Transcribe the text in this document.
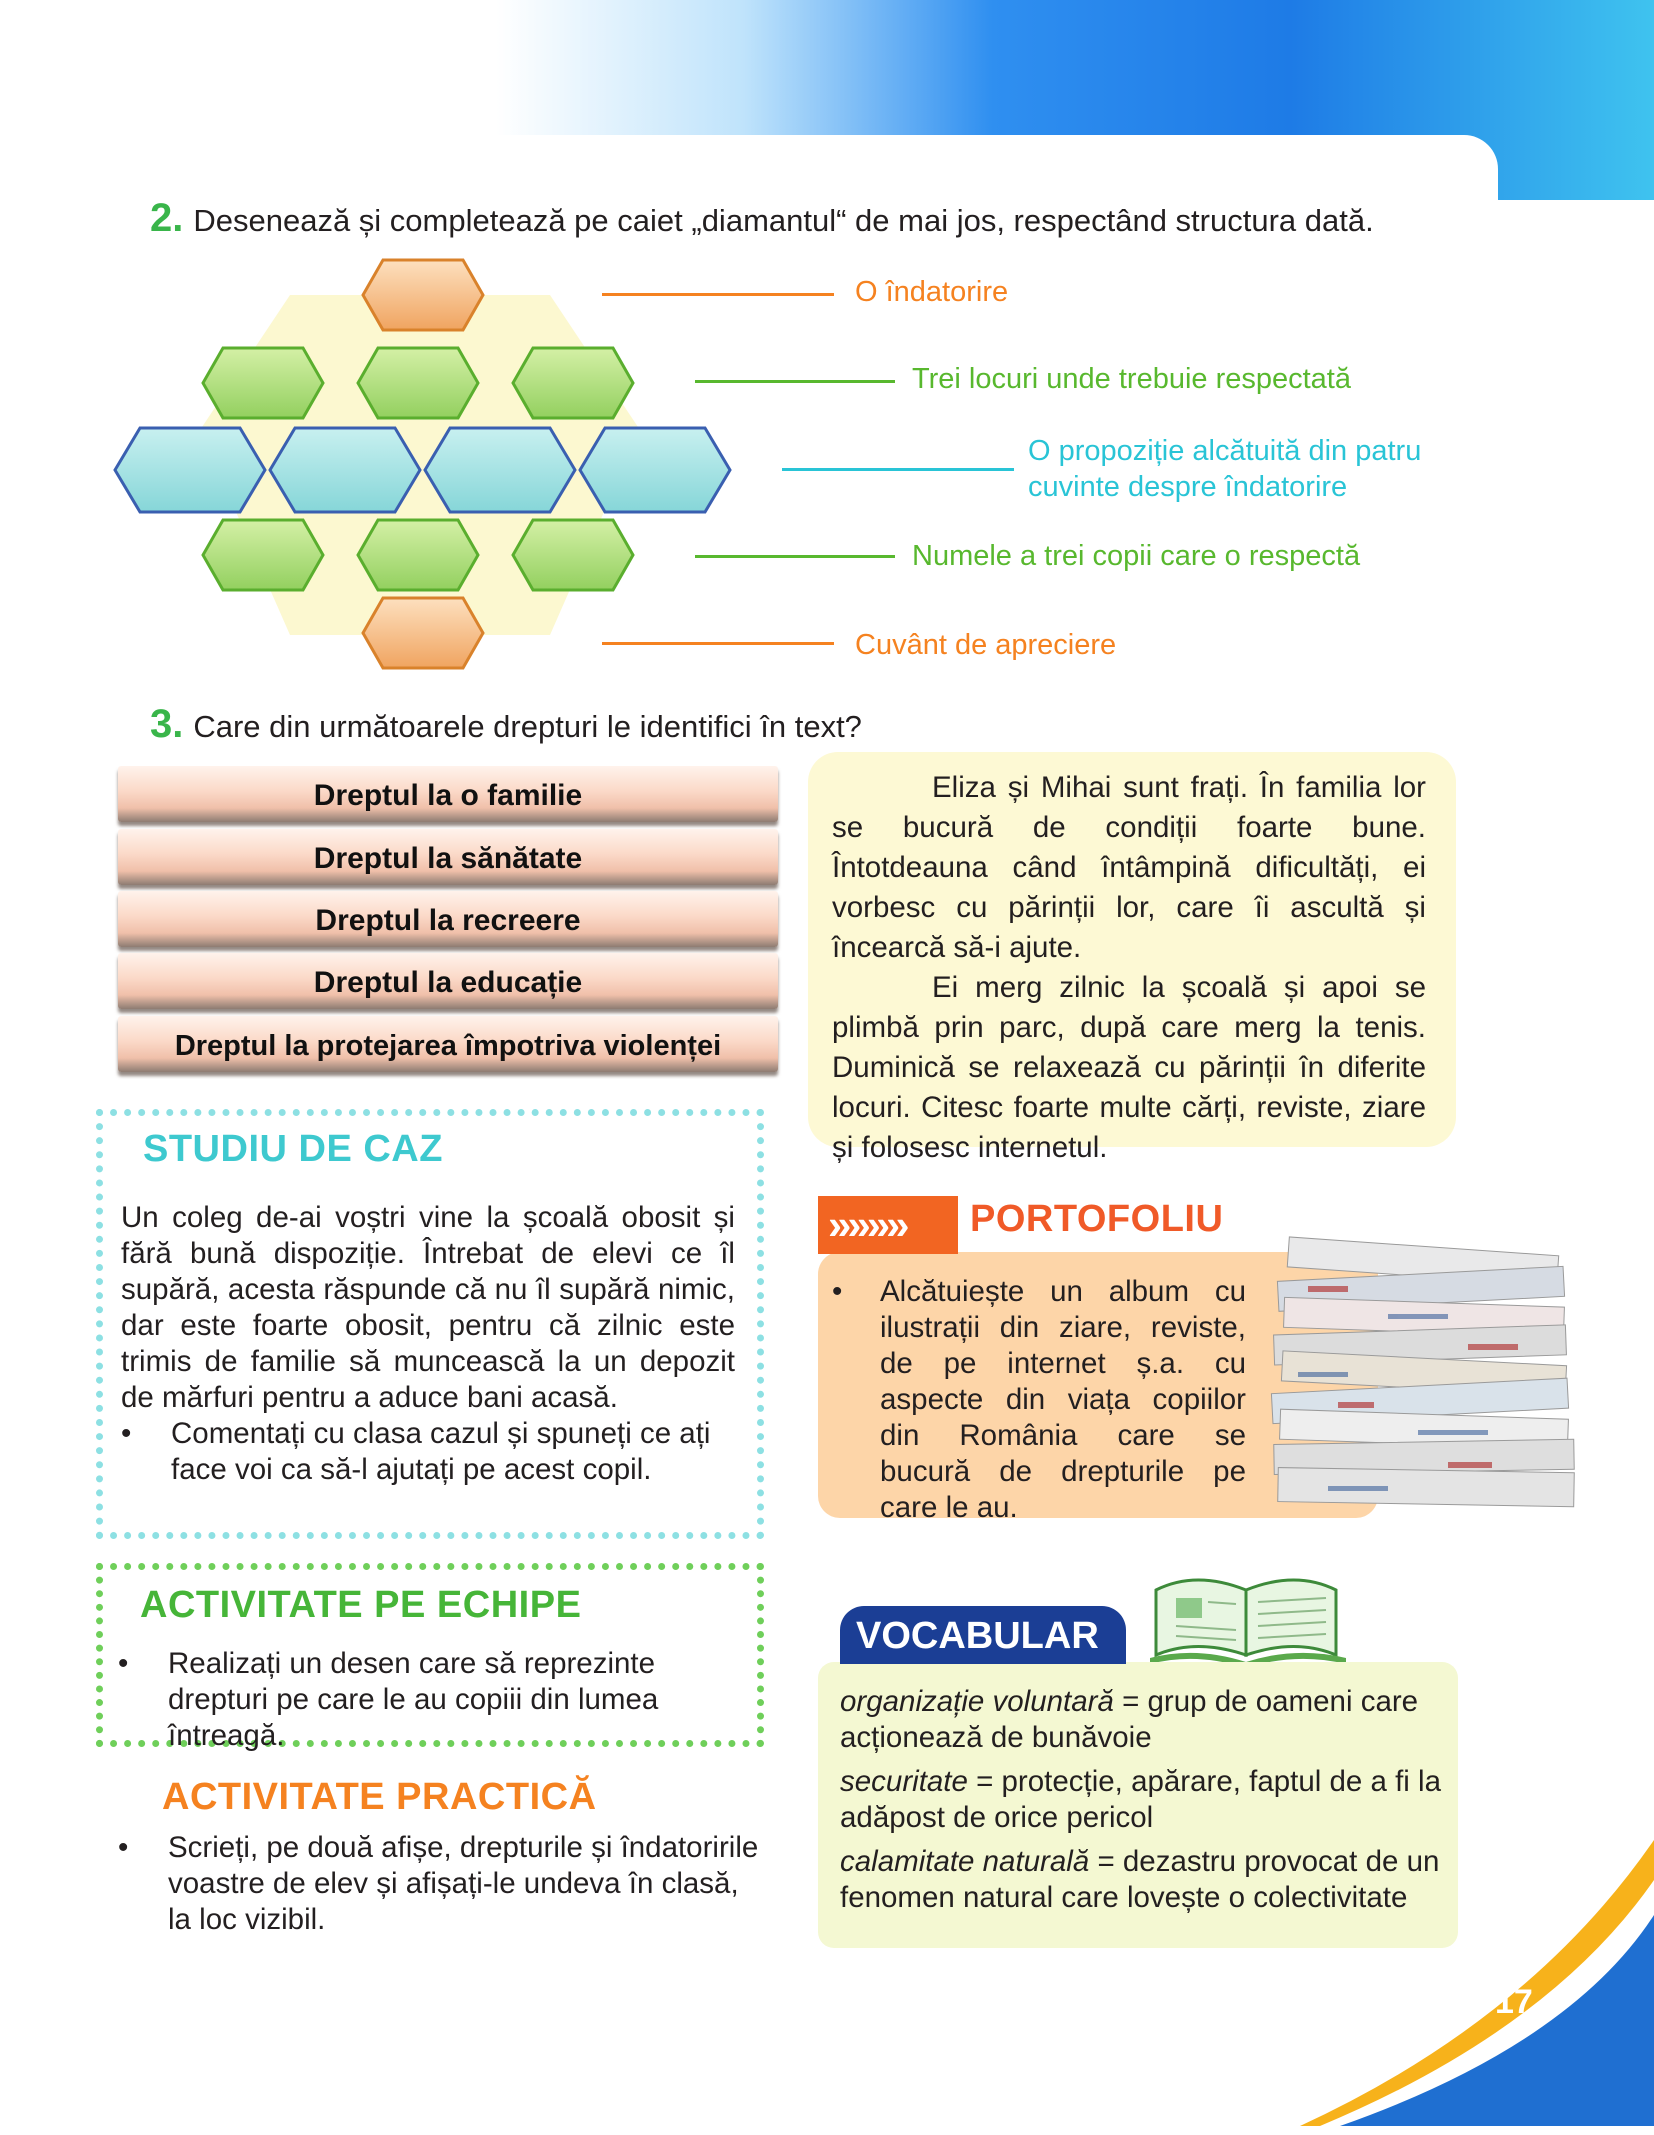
17
2. Desenează și completează pe caiet „diamantul“ de mai jos, respectând structura dată.
O îndatorire
Trei locuri unde trebuie respectată
O propoziție alcătuită din patru
cuvinte despre îndatorire
Numele a trei copii care o respectă
Cuvânt de apreciere
3. Care din următoarele drepturi le identifici în text?
Dreptul la o familie
Dreptul la sănătate
Dreptul la recreere
Dreptul la educație
Dreptul la protejarea împotriva violenței

Eliza și Mihai sunt frați. În familia lor se bucură de condiții foarte bune. Întotdeauna când întâmpină dificultăți, ei vorbesc cu părinții lor, care îi ascultă și încearcă să-i ajute.

Ei merg zilnic la școală și apoi se plimbă prin parc, după care merg la tenis. Duminică se relaxează cu părinții în diferite locuri. Citesc foarte multe cărți, reviste, ziare și folosesc internetul.

STUDIU DE CAZ
Un coleg de-ai voștri vine la școală obosit și fără bună dispoziție. Întrebat de elevi ce îl supără, acesta răspunde că nu îl supără nimic, dar este foarte obosit, pentru că zilnic este trimis de familie să muncească la un depozit de mărfuri pentru a aduce bani acasă.
• Comentați cu clasa cazul și spuneți ce ați face voi ca să-l ajutați pe acest copil.
ACTIVITATE PE ECHIPE
• Realizați un desen care să reprezinte drepturi pe care le au copiii din lumea întreagă.
ACTIVITATE PRACTICĂ
• Scrieți, pe două afișe, drepturile și îndatoririle voastre de elev și afișați-le undeva în clasă, la loc vizibil.
»»»» PORTOFOLIU
• Alcătuiește un album cu ilustrații din ziare, reviste, de pe internet ș.a. cu aspecte din viața copiilor din România care se bucură de drepturile pe care le au.
VOCABULAR

organizație voluntară = grup de oameni care acționează de bunăvoie

securitate = protecție, apărare, faptul de a fi la adăpost de orice pericol

calamitate naturală = dezastru provocat de un fenomen natural care lovește o colectivitate
